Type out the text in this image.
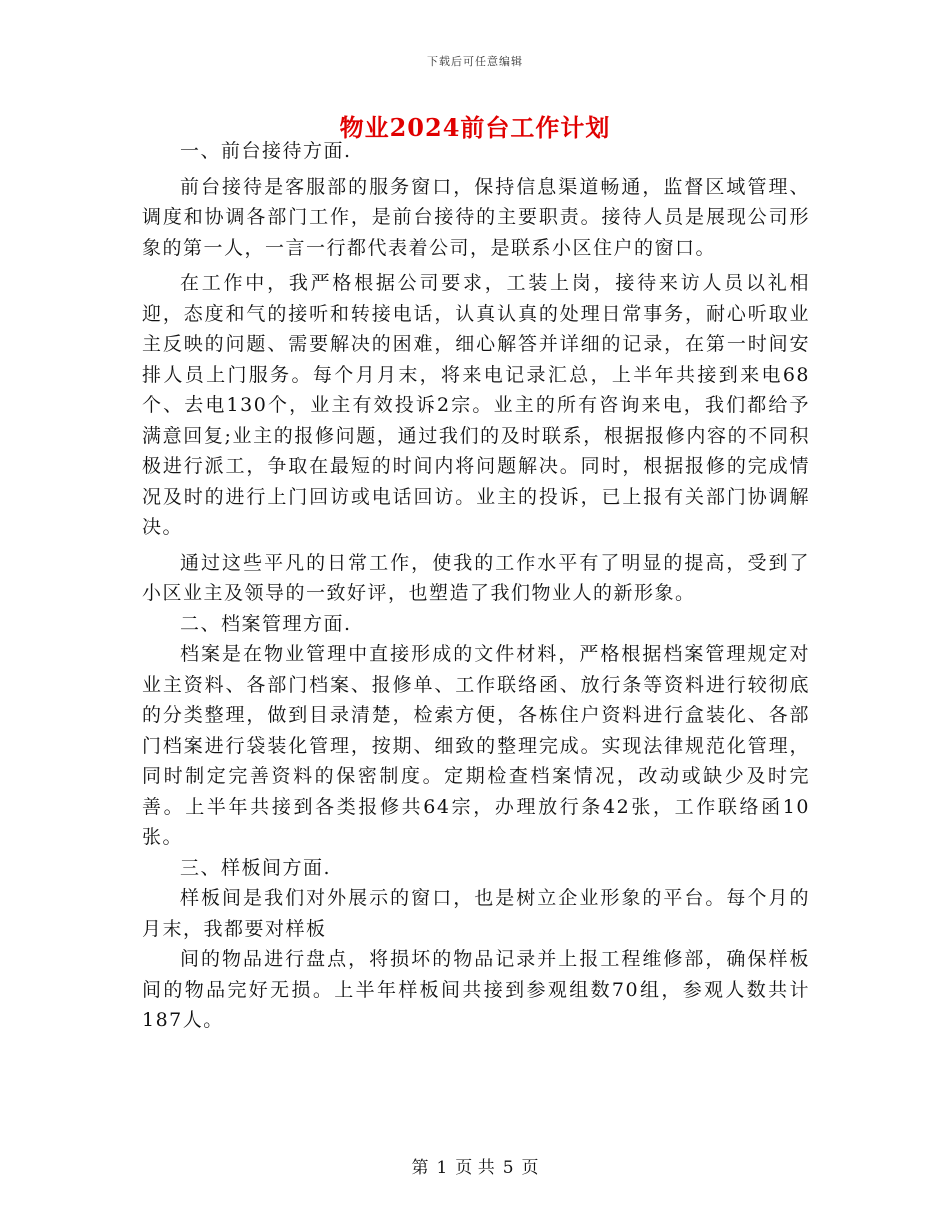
下载后可任意编辑
物业2024前台工作计划

一、前台接待方面.

前台接待是客服部的服务窗口，保持信息渠道畅通，监督区域管理、调度和协调各部门工作，是前台接待的主要职责。接待人员是展现公司形象的第一人，一言一行都代表着公司，是联系小区住户的窗口。

在工作中，我严格根据公司要求，工装上岗，接待来访人员以礼相迎，态度和气的接听和转接电话，认真认真的处理日常事务，耐心听取业主反映的问题、需要解决的困难，细心解答并详细的记录，在第一时间安排人员上门服务。每个月月末，将来电记录汇总，上半年共接到来电68个、去电130个，业主有效投诉2宗。业主的所有咨询来电，我们都给予满意回复;业主的报修问题，通过我们的及时联系，根据报修内容的不同积极进行派工，争取在最短的时间内将问题解决。同时，根据报修的完成情况及时的进行上门回访或电话回访。业主的投诉，已上报有关部门协调解决。

通过这些平凡的日常工作，使我的工作水平有了明显的提高，受到了小区业主及领导的一致好评，也塑造了我们物业人的新形象。

二、档案管理方面.

档案是在物业管理中直接形成的文件材料，严格根据档案管理规定对业主资料、各部门档案、报修单、工作联络函、放行条等资料进行较彻底的分类整理，做到目录清楚，检索方便，各栋住户资料进行盒装化、各部门档案进行袋装化管理，按期、细致的整理完成。实现法律规范化管理，同时制定完善资料的保密制度。定期检查档案情况，改动或缺少及时完善。上半年共接到各类报修共64宗，办理放行条42张，工作联络函10张。

三、样板间方面.

样板间是我们对外展示的窗口，也是树立企业形象的平台。每个月的月末，我都要对样板

间的物品进行盘点，将损坏的物品记录并上报工程维修部，确保样板间的物品完好无损。上半年样板间共接到参观组数70组，参观人数共计187人。

第 1 页 共 5 页
